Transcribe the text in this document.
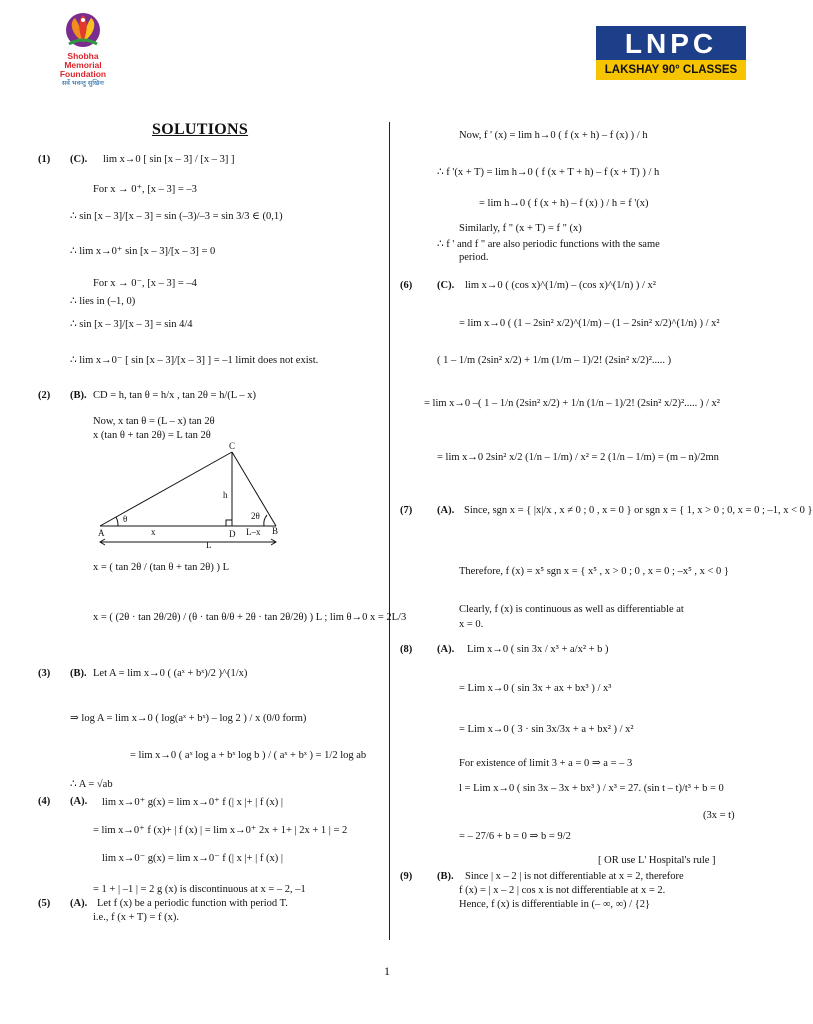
Shobha
Memorial
Foundation
सर्वे भवन्तु सुखिनः
LNPC
LAKSHAY 90° CLASSES
SOLUTIONS
(1) (C). lim x→0 [ sin [x – 3] / [x – 3] ]
For x → 0⁺, [x – 3] = –3
∴ sin [x – 3]/[x – 3] = sin (–3)/–3 = sin 3/3 ∈ (0,1)
∴ lim x→0⁺ sin [x – 3]/[x – 3] = 0
For x → 0⁻, [x – 3] = –4
∴ lies in (–1, 0)
∴ sin [x – 3]/[x – 3] = sin 4/4
∴ lim x→0⁻ [ sin [x – 3]/[x – 3] ] = –1 limit does not exist.
(2) (B). CD = h, tan θ = h/x , tan 2θ = h/(L – x)
Now, x tan θ = (L – x) tan 2θ
x (tan θ + tan 2θ) = L tan 2θ
C
θ	2θ
h
A	x	D L–x B
L
x = ( tan 2θ / (tan θ + tan 2θ) ) L
x = ( (2θ · tan 2θ/2θ) / (θ · tan θ/θ + 2θ · tan 2θ/2θ) ) L ; lim θ→0 x = 2L/3
(3) (B). Let A = lim x→0 ( (aˣ + bˣ)/2 )^(1/x)
⇒ log A = lim x→0 ( log(aˣ + bˣ) – log 2 ) / x (0/0 form)
= lim x→0 ( aˣ log a + bˣ log b ) / ( aˣ + bˣ ) = 1/2 log ab
∴ A = √ab
(4) (A). lim x→0⁺ g(x) = lim x→0⁺ f (| x |+ | f (x) |
= lim x→0⁺ f (x)+ | f (x) | = lim x→0⁺ 2x + 1+ | 2x + 1 | = 2
lim x→0⁻ g(x) = lim x→0⁻ f (| x |+ | f (x) |
= 1 + | –1 | = 2 g (x) is discontinuous at x = – 2, –1
(5) (A). Let f (x) be a periodic function with period T.
i.e., f (x + T) = f (x).
Now, f ' (x) = lim h→0 ( f (x + h) – f (x) ) / h
∴ f '(x + T) = lim h→0 ( f (x + T + h) – f (x + T) ) / h
= lim h→0 ( f (x + h) – f (x) ) / h = f '(x)
Similarly, f " (x + T) = f " (x)
∴ f ' and f " are also periodic functions with the same
period.
(6) (C). lim x→0 ( (cos x)^(1/m) – (cos x)^(1/n) ) / x²
= lim x→0 ( (1 – 2sin² x/2)^(1/m) – (1 – 2sin² x/2)^(1/n) ) / x²
( 1 – 1/m (2sin² x/2) + 1/m (1/m – 1)/2! (2sin² x/2)²..... )
= lim x→0 –( 1 – 1/n (2sin² x/2) + 1/n (1/n – 1)/2! (2sin² x/2)²..... ) / x²
= lim x→0 2sin² x/2 (1/n – 1/m) / x² = 2 (1/n – 1/m) = (m – n)/2mn
(7) (A). Since, sgn x = { |x|/x , x ≠ 0 ; 0 , x = 0 } or sgn x = { 1, x > 0 ; 0, x = 0 ; –1, x < 0 }
Therefore, f (x) = x⁵ sgn x = { x⁵ , x > 0 ; 0 , x = 0 ; –x⁵ , x < 0 }
Clearly, f (x) is continuous as well as differentiable at
x = 0.
(8) (A). Lim x→0 ( sin 3x / x³ + a/x² + b )
= Lim x→0 ( sin 3x + ax + bx³ ) / x³
= Lim x→0 ( 3 · sin 3x/3x + a + bx² ) / x²
For existence of limit 3 + a = 0 ⇒ a = – 3
l = Lim x→0 ( sin 3x – 3x + bx³ ) / x³ = 27. (sin t – t)/t³ + b = 0
(3x = t)
= – 27/6 + b = 0 ⇒ b = 9/2
[ OR use L' Hospital's rule ]
(9) (B). Since | x – 2 | is not differentiable at x = 2, therefore
f (x) = | x – 2 | cos x is not differentiable at x = 2.
Hence, f (x) is differentiable in (– ∞, ∞) / {2}
1
